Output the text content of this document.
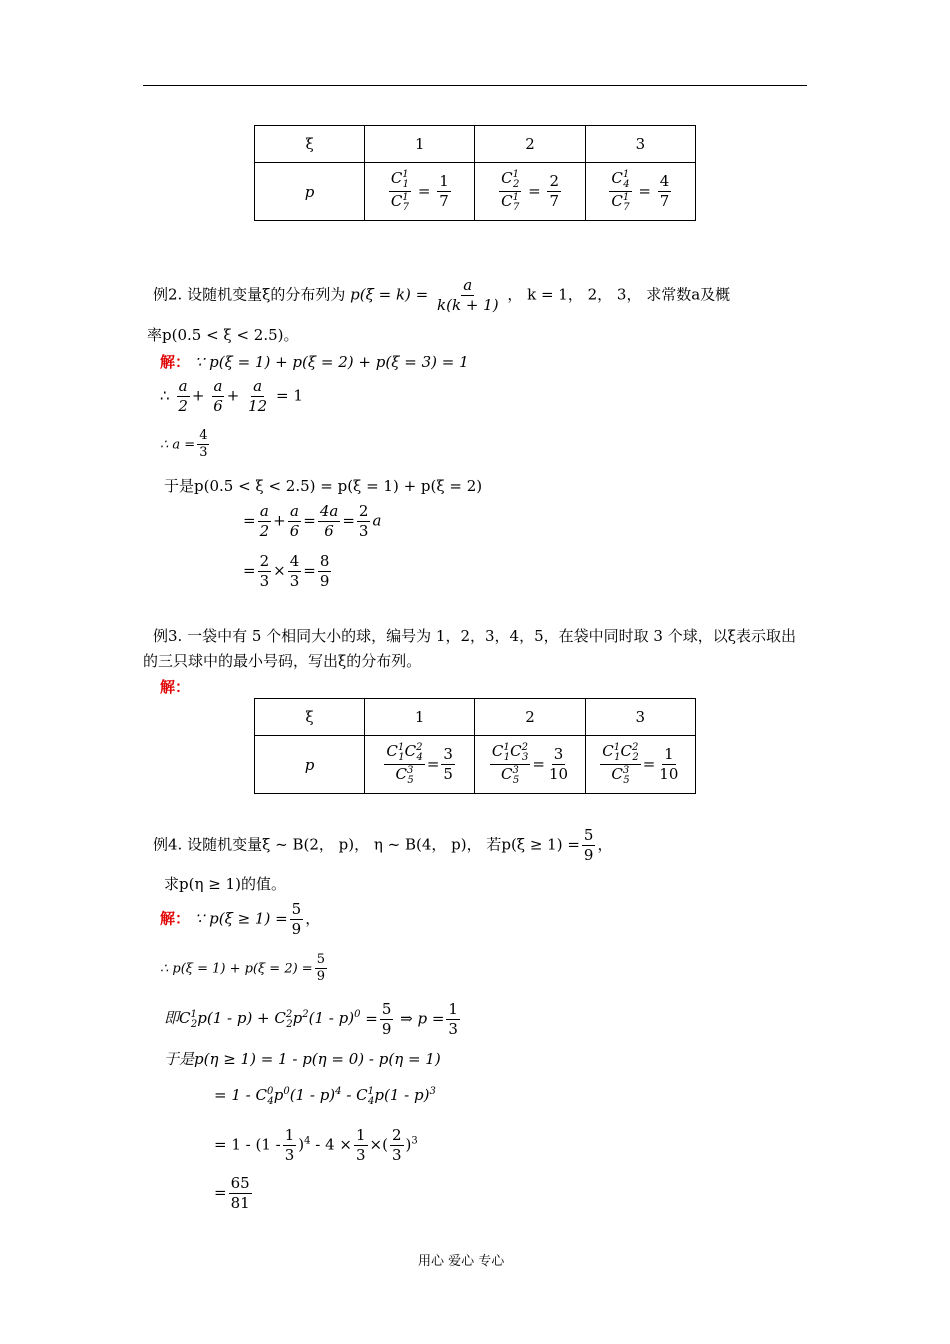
ξ	1	2	3
p	$\frac{C^1_1}{C^1_7} = \frac{1}{7}$	$\frac{C^1_2}{C^1_7} = \frac{2}{7}$	$\frac{C^1_4}{C^1_7} = \frac{4}{7}$
例2. 设随机变量ξ的分布列为 $p(\xi = k) = \frac{a}{k(k + 1)}$ ， k = 1， 2， 3， 求常数a及概
率p(0.5 < ξ < 2.5)。
解： ∵ p(ξ = 1) + p(ξ = 2) + p(ξ = 3) = 1
∴ $\frac{a}{2} + \frac{a}{6} + \frac{a}{12} = 1$
∴ $a = \frac{4}{3}$
于是p(0.5 < ξ < 2.5) = p(ξ = 1) + p(ξ = 2)
= $\frac{a}{2} + \frac{a}{6} = \frac{4a}{6} = \frac{2}{3}$ a
= $\frac{2}{3} \times \frac{4}{3} = \frac{8}{9}$
例3. 一袋中有 5 个相同大小的球，编号为 1，2，3，4，5，在袋中同时取 3 个球，以ξ表示取出
的三只球中的最小号码，写出ξ的分布列。
解：
ξ	1	2	3
p	$\frac{C^1_1C^2_4}{C^3_5} = \frac{3}{5}$	$\frac{C^1_1C^2_3}{C^3_5} = \frac{3}{10}$	$\frac{C^1_1C^2_2}{C^3_5} = \frac{1}{10}$
例4. 设随机变量ξ ~ B(2， p)， η ~ B(4， p)， 若$p(\xi \ge 1) = \frac{5}{9}$ ，
求p(η ≥ 1)的值。
解： ∵ $p(\xi \ge 1) = \frac{5}{9}$ ，
∴ $p(\xi = 1) + p(\xi = 2) = \frac{5}{9}$
即$C^1_2p(1 - p) + C^2_2p^2(1 - p)^0 = \frac{5}{9}$ ⇒ $p = \frac{1}{3}$
于是p(η ≥ 1) = 1 - p(η = 0) - p(η = 1)
= $1 - C^0_4p^0(1 - p)^4 - C^1_4p(1 - p)^3$
= $1 - (1 - \frac{1}{3} )^4 - 4 \times \frac{1}{3}$ ×( $\frac{2}{3} )^3$
= $\frac{65}{81}$
用心 爱心 专心
